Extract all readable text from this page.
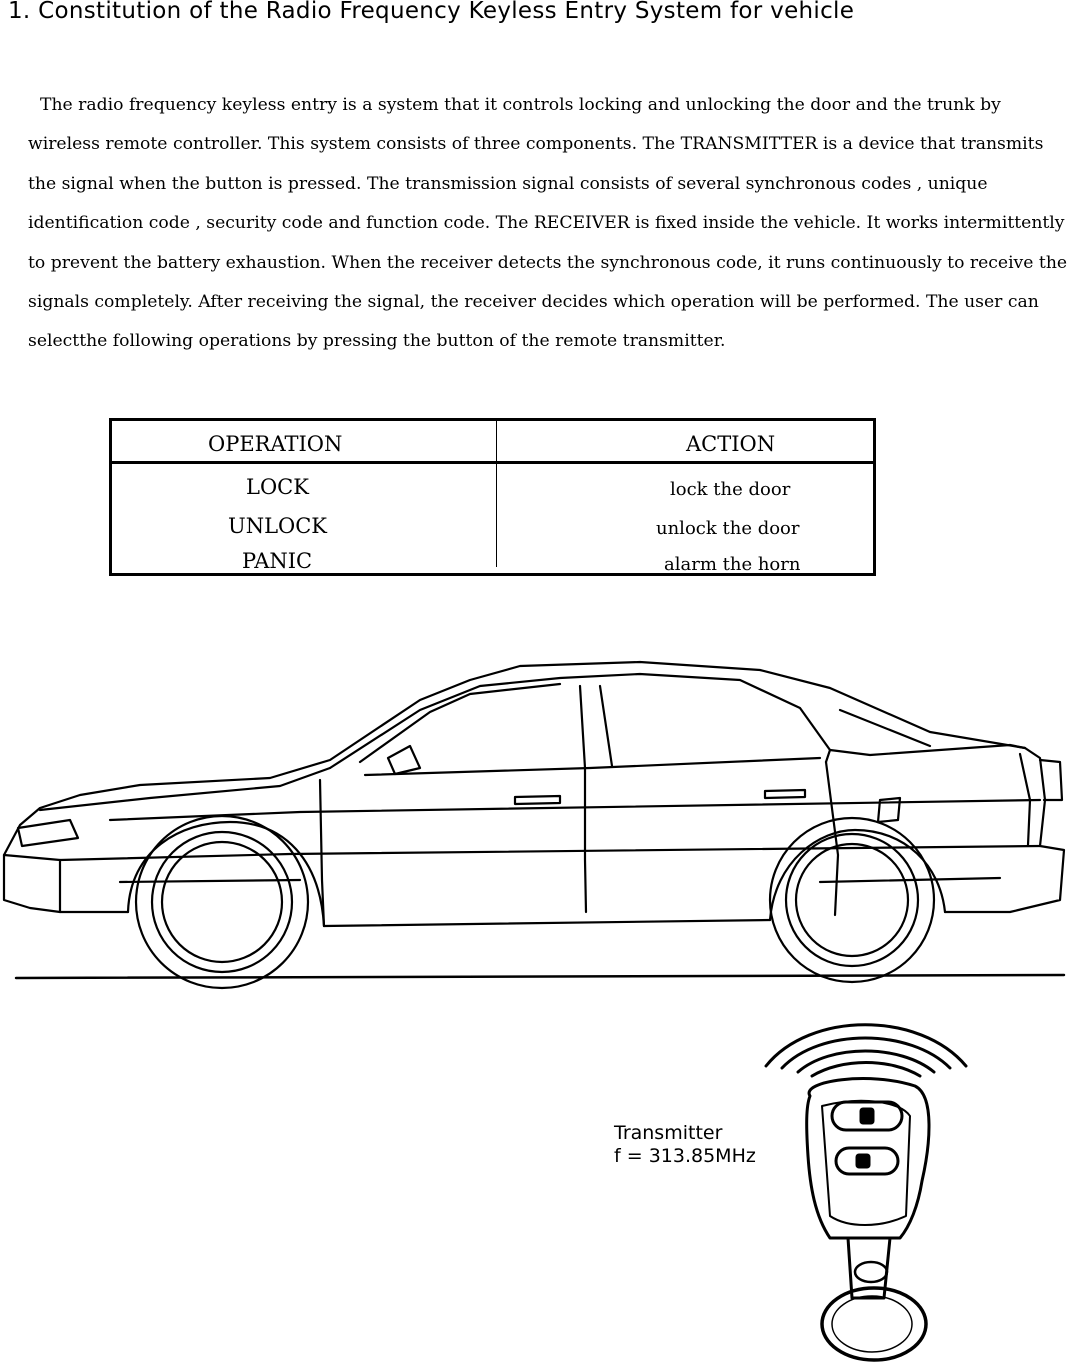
1. Constitution of the Radio Frequency Keyless Entry System for vehicle

The radio frequency keyless entry is a system that it controls locking and unlocking the door and the trunk by wireless remote controller. This system consists of three components. The TRANSMITTER is a device that transmits the signal when the button is pressed. The transmission signal consists of several synchronous codes , unique identification code , security code and function code. The RECEIVER is fixed inside the vehicle. It works intermittently to prevent the battery exhaustion. When the receiver detects the synchronous code, it runs continuously to receive the signals completely. After receiving the signal, the receiver decides which operation will be performed. The user can selectthe following operations by pressing the button of the remote transmitter.

OPERATION	ACTION
LOCK	lock the door
UNLOCK	unlock the door
PANIC	alarm the horn
Transmitter
f = 313.85MHz
